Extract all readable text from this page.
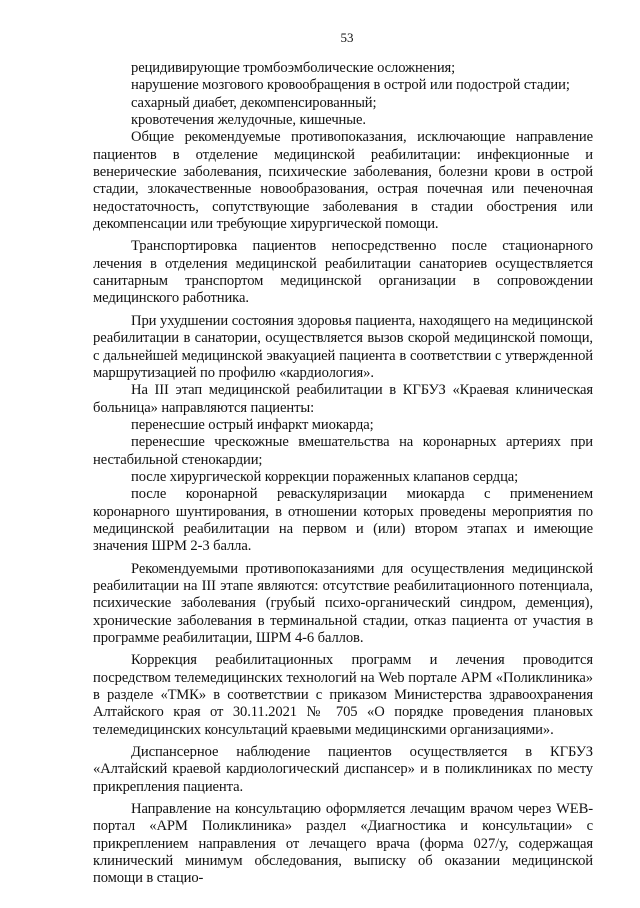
53

рецидивирующие тромбоэмболические осложнения;

нарушение мозгового кровообращения в острой или подострой стадии;

сахарный диабет, декомпенсированный;

кровотечения желудочные, кишечные.

Общие рекомендуемые противопоказания, исключающие направление пациентов в отделение медицинской реабилитации: инфекционные и венерические заболевания, психические заболевания, болезни крови в острой стадии, злокачественные новообразования, острая почечная или печеночная недостаточность, сопутствующие заболевания в стадии обострения или декомпенсации или требующие хирургической помощи.

Транспортировка пациентов непосредственно после стационарного лечения в отделения медицинской реабилитации санаториев осуществляется санитарным транспортом медицинской организации в сопровождении медицинского работника.

При ухудшении состояния здоровья пациента, находящего на медицинской реабилитации в санатории, осуществляется вызов скорой медицинской помощи, с дальнейшей медицинской эвакуацией пациента в соответствии с утвержденной маршрутизацией по профилю «кардиология».

На III этап медицинской реабилитации в КГБУЗ «Краевая клиническая больница» направляются пациенты:

перенесшие острый инфаркт миокарда;

перенесшие чрескожные вмешательства на коронарных артериях при нестабильной стенокардии;

после хирургической коррекции пораженных клапанов сердца;

после коронарной реваскуляризации миокарда с применением коронарного шунтирования, в отношении которых проведены мероприятия по медицинской реабилитации на первом и (или) втором этапах и имеющие значения ШРМ 2-3 балла.

Рекомендуемыми противопоказаниями для осуществления медицинской реабилитации на III этапе являются: отсутствие реабилитационного потенциала, психические заболевания (грубый психо-органический синдром, деменция), хронические заболевания в терминальной стадии, отказ пациента от участия в программе реабилитации, ШРМ 4-6 баллов.

Коррекция реабилитационных программ и лечения проводится посредством телемедицинских технологий на Web портале АРМ «Поликлиника» в разделе «ТМК» в соответствии с приказом Министерства здравоохранения Алтайского края от 30.11.2021 № 705 «О порядке проведения плановых телемедицинских консультаций краевыми медицинскими организациями».

Диспансерное наблюдение пациентов осуществляется в КГБУЗ «Алтайский краевой кардиологический диспансер» и в поликлиниках по месту прикрепления пациента.

Направление на консультацию оформляется лечащим врачом через WEB-портал «АРМ Поликлиника» раздел «Диагностика и консультации» с прикреплением направления от лечащего врача (форма 027/у, содержащая клинический минимум обследования, выписку об оказании медицинской помощи в стацио-
